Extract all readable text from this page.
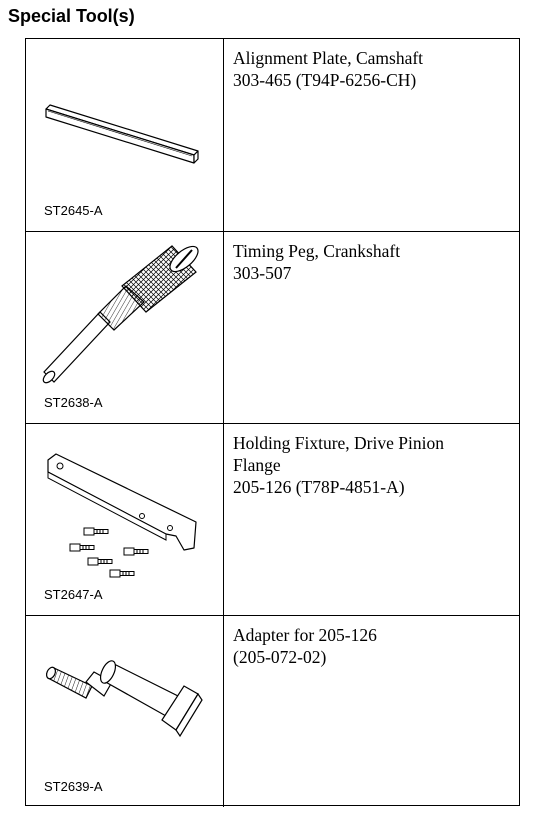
Special Tool(s)
ST2645-A
Alignment Plate, Camshaft
303-465 (T94P-6256-CH)
ST2638-A
Timing Peg, Crankshaft
303-507
ST2647-A
Holding Fixture, Drive Pinion
Flange
205-126 (T78P-4851-A)
ST2639-A
Adapter for 205-126
(205-072-02)
